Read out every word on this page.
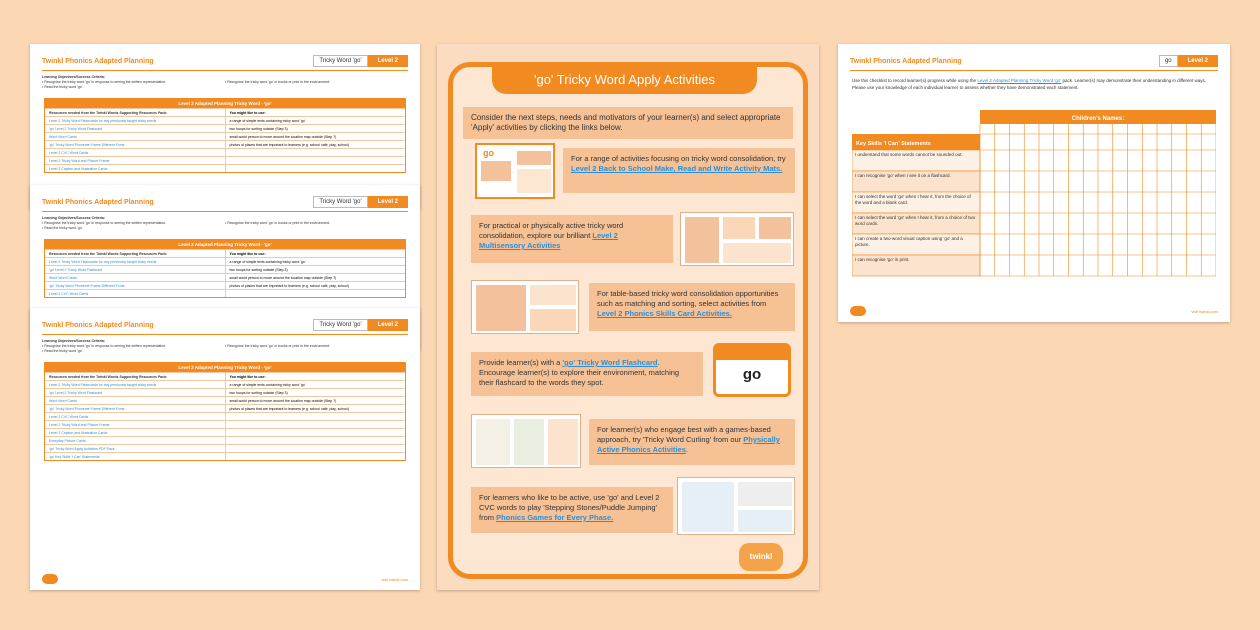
Twinkl Phonics Adapted Planning	Tricky Word 'go'	Level 2
Learning Objectives/Success Criteria:
• Recognise the tricky word 'go' in response to seeing the written representation.
• Read the tricky word 'go'.

• Recognise the tricky word 'go' in books or print in the environment.
Level 2 Adapted Planning Tricky Word - 'go'
Resources needed from the Twinkl Words Supporting Resources Pack:	You might like to use:
Level 2 Tricky Word Flashcards for any previously taught tricky words	a range of simple texts containing tricky word 'go'
'go' Level 2 Tricky Word Flashcard	two hoops for sorting outside (Step 3)
Word Word Cards	small world person to move around the location map outside (Step 7)
'go' Tricky Word Phoneme Frame Different Fonts	photos of places that are important to learners (e.g. school café, play, school)
Level 2 CVC Word Cards
Level 2 Tricky Word and Picture Frame
Level 2 Caption and Illustration Cards
Twinkl Phonics Adapted Planning	Tricky Word 'go'	Level 2
Learning Objectives/Success Criteria:
• Recognise the tricky word 'go' in response to seeing the written representation.
• Read the tricky word 'go'.

• Recognise the tricky word 'go' in books or print in the environment.
Level 2 Adapted Planning Tricky Word - 'go'
Resources needed from the Twinkl Words Supporting Resources Pack:	You might like to use:
Level 2 Tricky Word Flashcards for any previously taught tricky words	a range of simple texts containing tricky word 'go'
'go' Level 2 Tricky Word Flashcard	two hoops for sorting outside (Step 3)
Word Word Cards	small world person to move around the location map outside (Step 7)
'go' Tricky Word Phoneme Frame Different Fonts	photos of places that are important to learners (e.g. school café, play, school)
Level 2 CVC Word Cards
Twinkl Phonics Adapted Planning	Tricky Word 'go'	Level 2
Learning Objectives/Success Criteria:
• Recognise the tricky word 'go' in response to seeing the written representation.
• Read the tricky word 'go'.

• Recognise the tricky word 'go' in books or print in the environment.
Level 2 Adapted Planning Tricky Word - 'go'
Resources needed from the Twinkl Words Supporting Resources Pack:	You might like to use:
Level 2 Tricky Word Flashcards for any previously taught tricky words	a range of simple texts containing tricky word 'go'
'go' Level 2 Tricky Word Flashcard	two hoops for sorting outside (Step 3)
Word Word Cards	small world person to move around the location map outside (Step 7)
'go' Tricky Word Phoneme Frame Different Fonts	photos of places that are important to learners (e.g. school café, play, school)
Level 2 CVC Word Cards
Level 2 Tricky Word and Picture Frame
Level 2 Caption and Illustration Cards
Everyday Picture Cards
'go' Tricky Word Apply Activities PDF Pack
'go' Key Skills 'I Can' Statements
visit twinkl.com
'go' Tricky Word Apply Activities
Consider the next steps, needs and motivators of your learner(s) and select appropriate 'Apply' activities by clicking the links below.
go
For a range of activities focusing on tricky word consolidation, try Level 2 Back to School Make, Read and Write Activity Mats.
For practical or physically active tricky word consolidation, explore our brilliant Level 2 Multisensory Activities
For table-based tricky word consolidation opportunities such as matching and sorting, select activities from Level 2 Phonics Skills Card Activities.
Provide learner(s) with a 'go' Tricky Word Flashcard. Encourage learner(s) to explore their environment, matching their flashcard to the words they spot.	go
For learner(s) who engage best with a games-based approach, try 'Tricky Word Curling' from our Physically Active Phonics Activities.
For learners who like to be active, use 'go' and Level 2 CVC words to play 'Stepping Stones/Puddle Jumping' from Phonics Games for Every Phase.
twinkl
Twinkl Phonics Adapted Planning	go	Level 2
Use this checklist to record learner(s) progress while using the Level 2 Adapted Planning Tricky Word 'go' pack. Learner(s) may demonstrate their understanding in different ways. Please use your knowledge of each individual learner to assess whether they have demonstrated each statement.
Children's Names:
Key Skills 'I Can' Statements
I understand that some words cannot be sounded out.
I can recognise 'go' when I see it on a flashcard.
I can select the word 'go' when I hear it, from the choice of the word and a blank card.
I can select the word 'go' when I hear it, from a choice of two word cards.
I can create a two-word visual caption using 'go' and a picture.
I can recognise 'go' in print.
visit twinkl.com
